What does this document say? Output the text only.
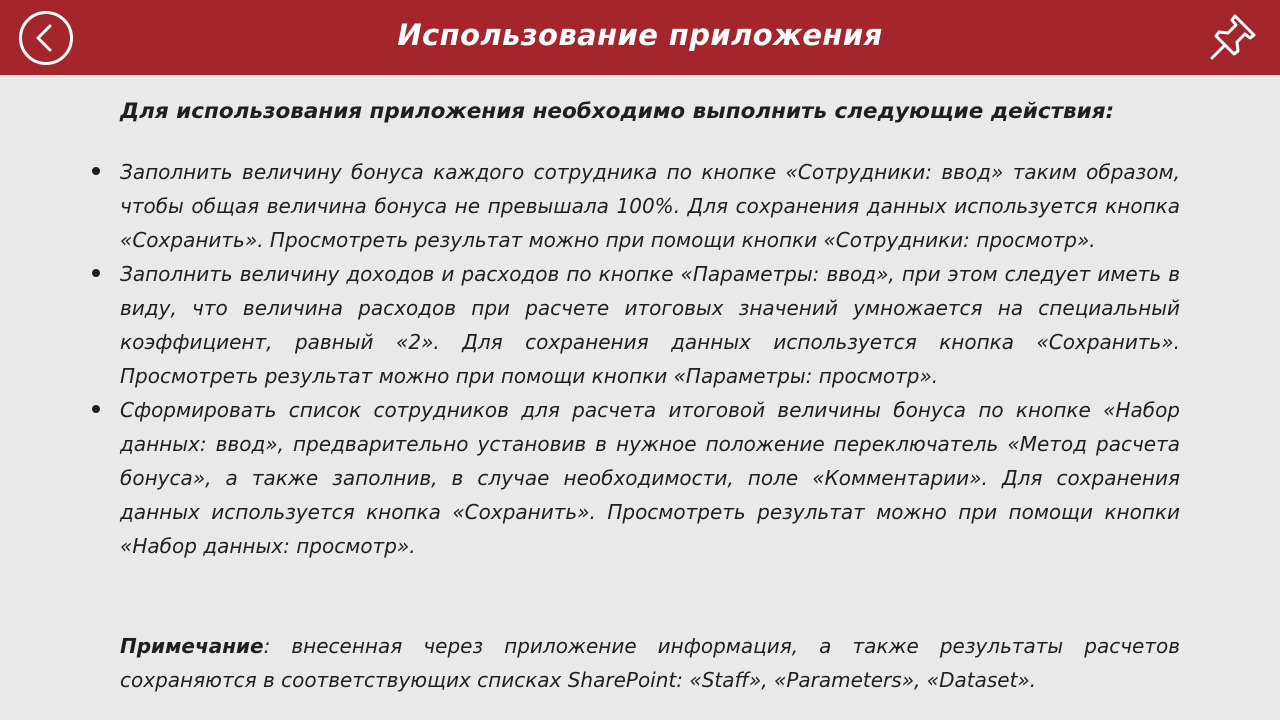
Использование приложения
Для использования приложения необходимо выполнить следующие действия:
Заполнить величину бонуса каждого сотрудника по кнопке «Сотрудники: ввод» таким образом, чтобы общая величина бонуса не превышала 100%. Для сохранения данных используется кнопка «Сохранить». Просмотреть результат можно при помощи кнопки «Сотрудники: просмотр».
Заполнить величину доходов и расходов по кнопке «Параметры: ввод», при этом следует иметь в виду, что величина расходов при расчете итоговых значений умножается на специальный коэффициент, равный «2». Для сохранения данных используется кнопка «Сохранить». Просмотреть результат можно при помощи кнопки «Параметры: просмотр».
Сформировать список сотрудников для расчета итоговой величины бонуса по кнопке «Набор данных: ввод», предварительно установив в нужное положение переключатель «Метод расчета бонуса», а также заполнив, в случае необходимости, поле «Комментарии». Для сохранения данных используется кнопка «Сохранить». Просмотреть результат можно при помощи кнопки «Набор данных: просмотр».

Примечание: внесенная через приложение информация, а также результаты расчетов сохраняются в соответствующих списках SharePoint: «Staff», «Parameters», «Dataset».
